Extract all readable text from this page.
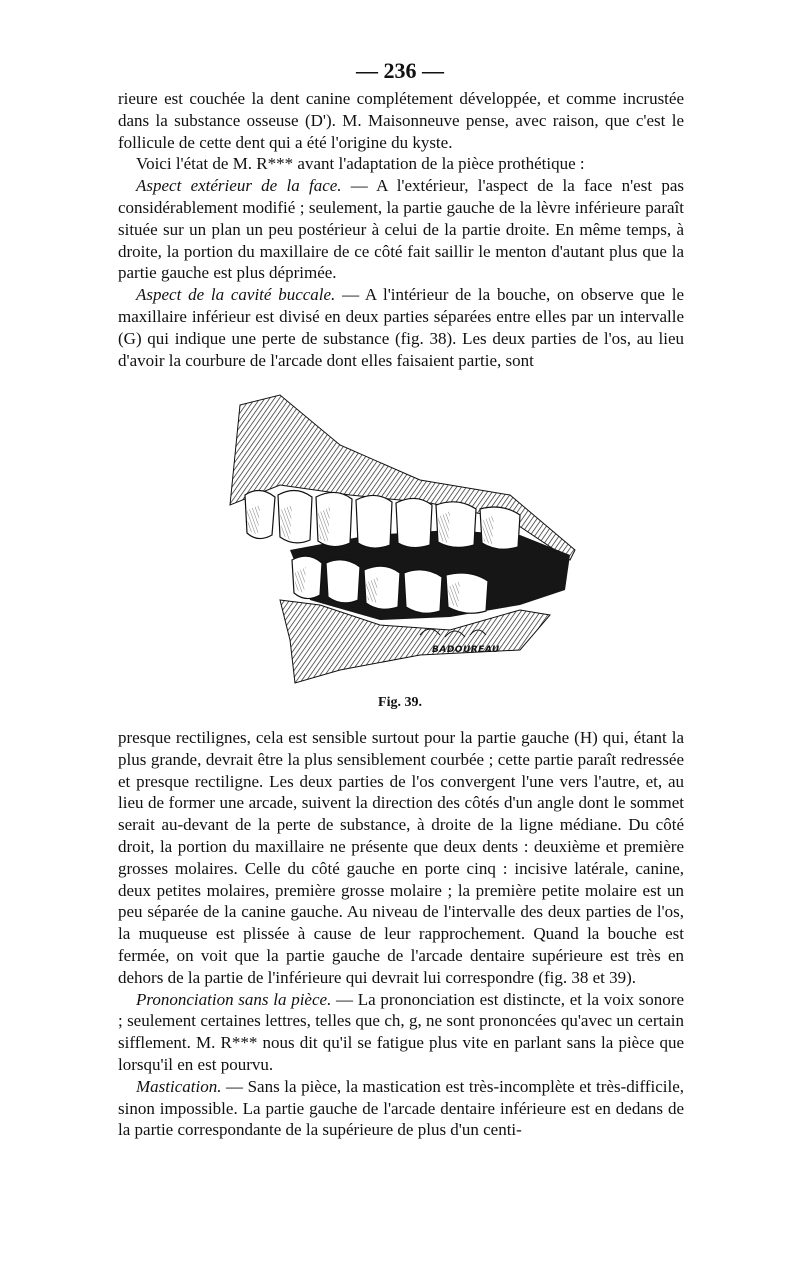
— 236 —

rieure est couchée la dent canine complétement développée, et comme incrustée dans la substance osseuse (D'). M. Maisonneuve pense, avec raison, que c'est le follicule de cette dent qui a été l'origine du kyste.

Voici l'état de M. R*** avant l'adaptation de la pièce prothétique :

Aspect extérieur de la face. — A l'extérieur, l'aspect de la face n'est pas considérablement modifié ; seulement, la partie gauche de la lèvre inférieure paraît située sur un plan un peu postérieur à celui de la partie droite. En même temps, à droite, la portion du maxillaire de ce côté fait saillir le menton d'autant plus que la partie gauche est plus déprimée.

Aspect de la cavité buccale. — A l'intérieur de la bouche, on observe que le maxillaire inférieur est divisé en deux parties séparées entre elles par un intervalle (G) qui indique une perte de substance (fig. 38). Les deux parties de l'os, au lieu d'avoir la courbure de l'arcade dont elles faisaient partie, sont

BADOUREAU
Fig. 39.

presque rectilignes, cela est sensible surtout pour la partie gauche (H) qui, étant la plus grande, devrait être la plus sensiblement courbée ; cette partie paraît redressée et presque rectiligne. Les deux parties de l'os convergent l'une vers l'autre, et, au lieu de former une arcade, suivent la direction des côtés d'un angle dont le sommet serait au-devant de la perte de substance, à droite de la ligne médiane. Du côté droit, la portion du maxillaire ne présente que deux dents : deuxième et première grosses molaires. Celle du côté gauche en porte cinq : incisive latérale, canine, deux petites molaires, première grosse molaire ; la première petite molaire est un peu séparée de la canine gauche. Au niveau de l'intervalle des deux parties de l'os, la muqueuse est plissée à cause de leur rapprochement. Quand la bouche est fermée, on voit que la partie gauche de l'arcade dentaire supérieure est très en dehors de la partie de l'inférieure qui devrait lui correspondre (fig. 38 et 39).

Prononciation sans la pièce. — La prononciation est distincte, et la voix sonore ; seulement certaines lettres, telles que ch, g, ne sont prononcées qu'avec un certain sifflement. M. R*** nous dit qu'il se fatigue plus vite en parlant sans la pièce que lorsqu'il en est pourvu.

Mastication. — Sans la pièce, la mastication est très-incomplète et très-difficile, sinon impossible. La partie gauche de l'arcade dentaire inférieure est en dedans de la partie correspondante de la supérieure de plus d'un centi-
